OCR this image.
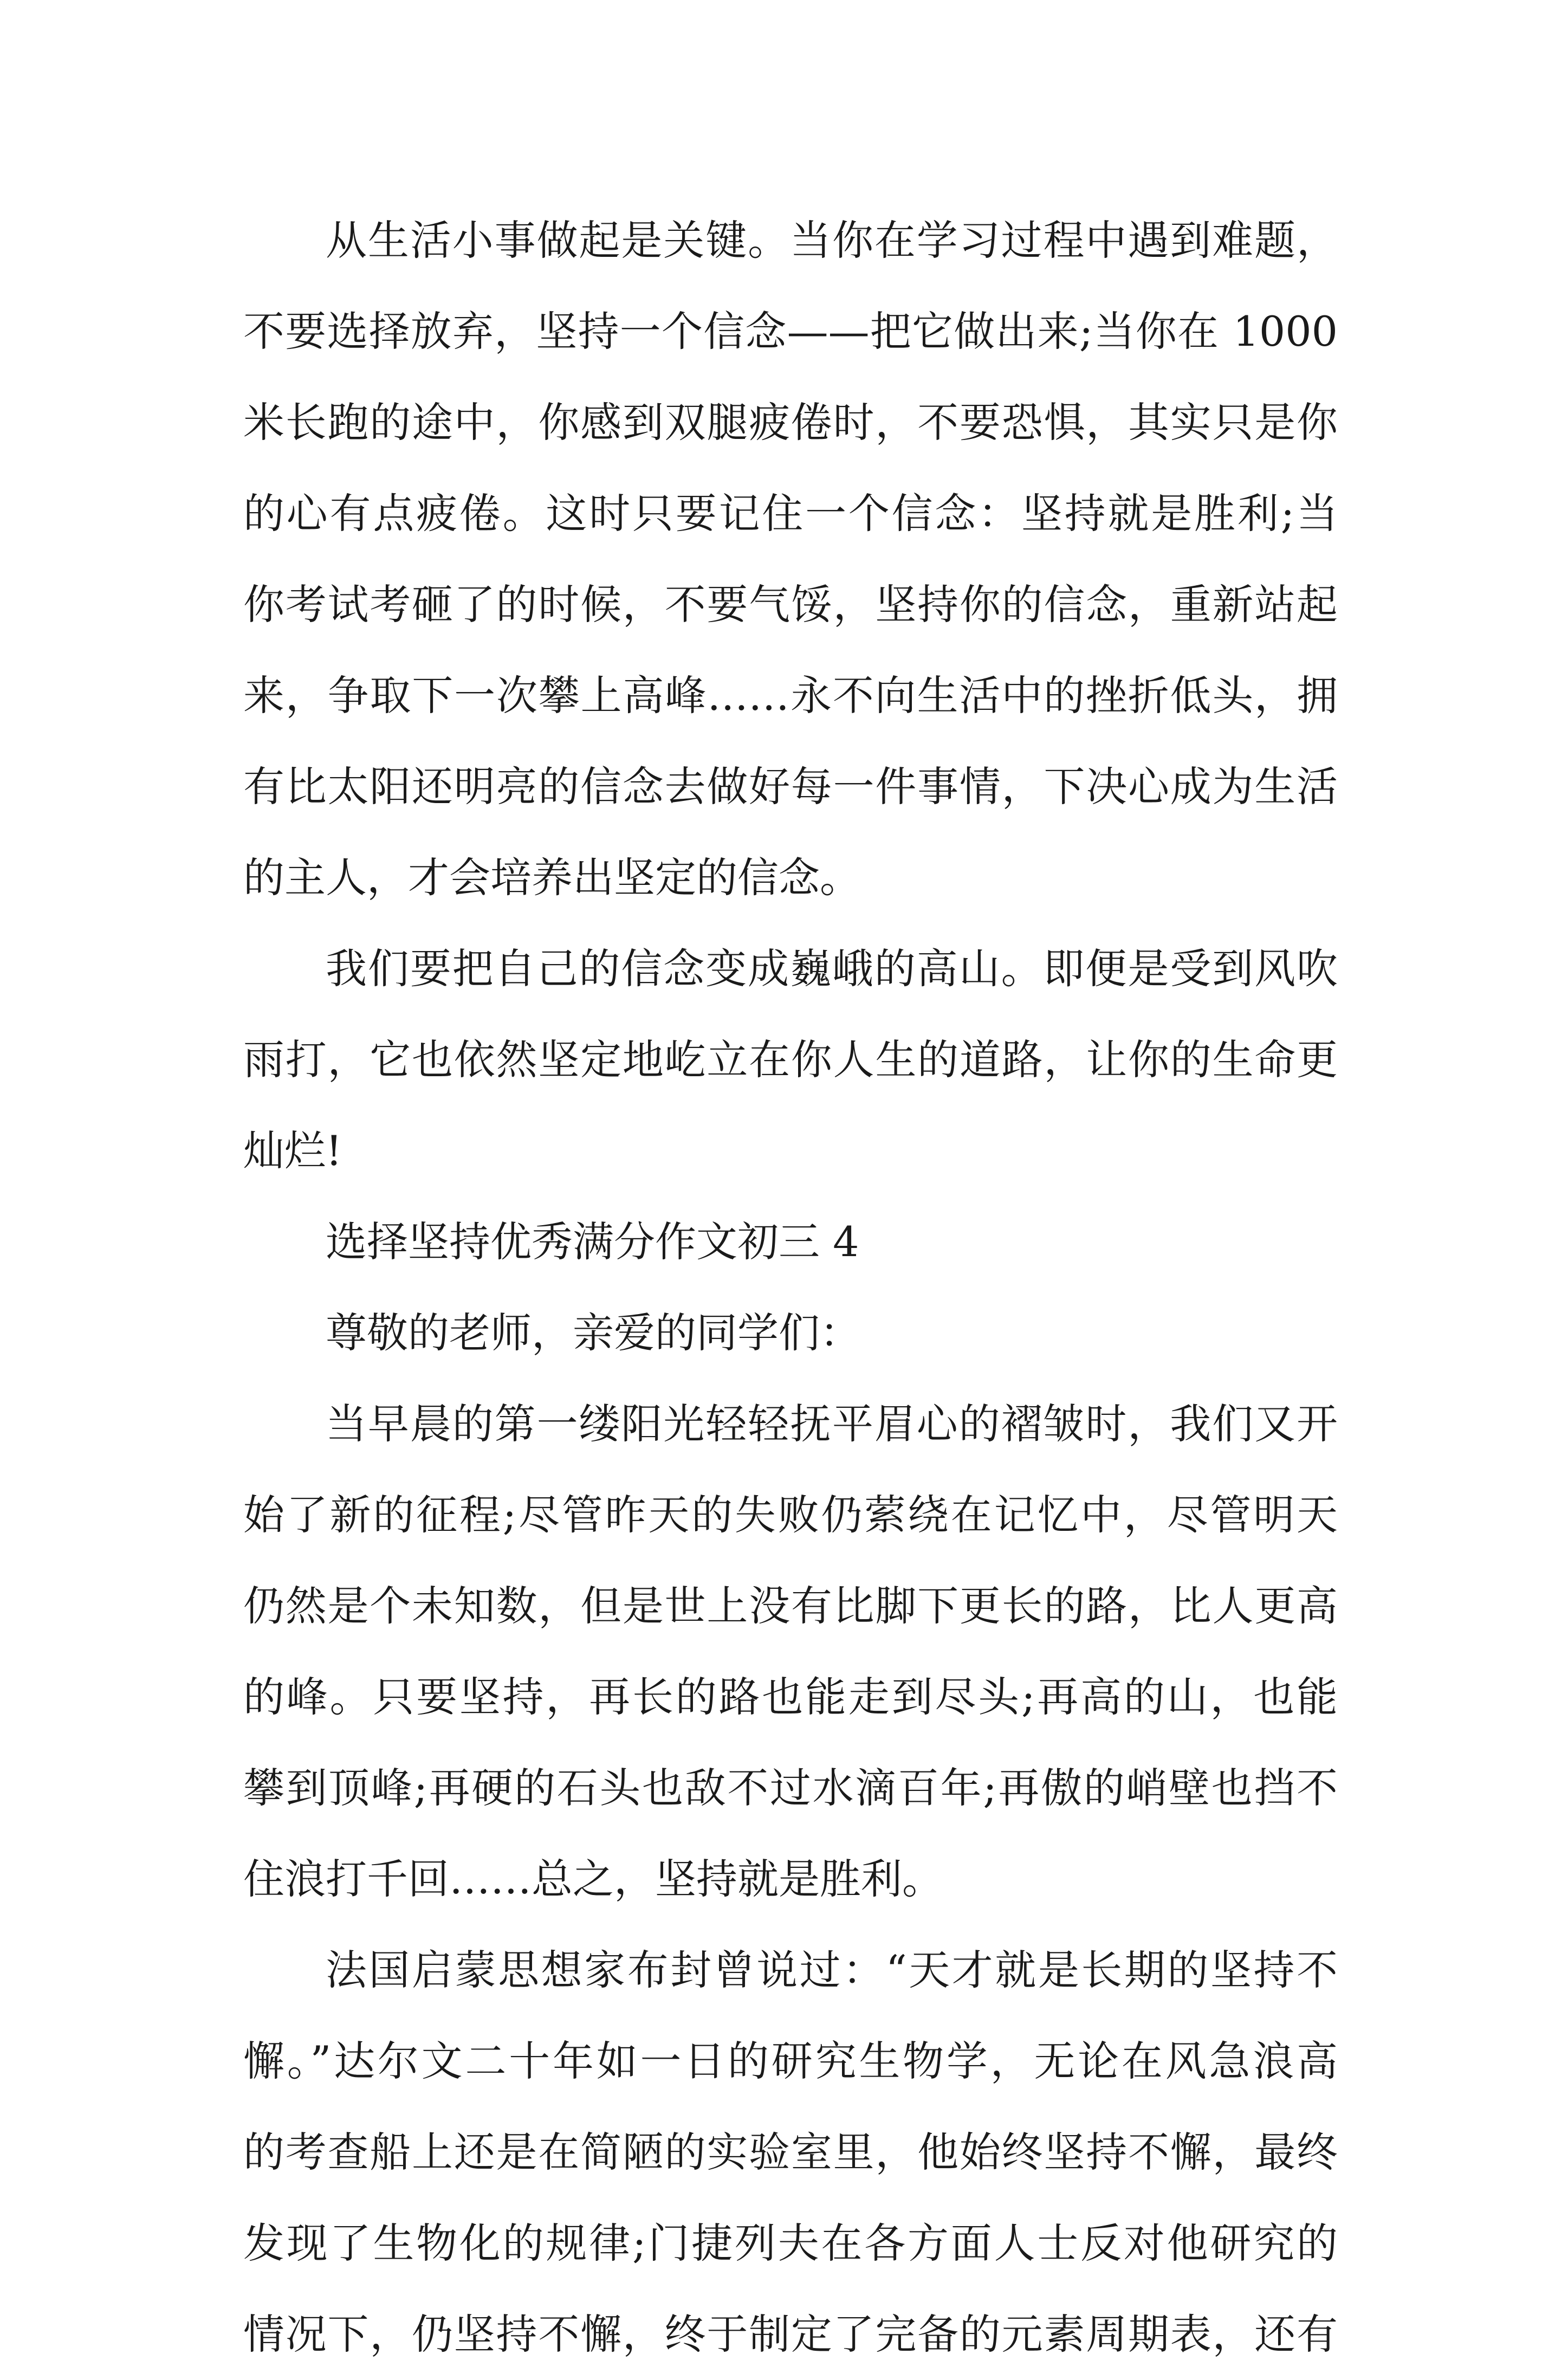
从生活小事做起是关键。当你在学习过程中遇到难题，
不要选择放弃，坚持一个信念——把它做出来;当你在 1000
米长跑的途中，你感到双腿疲倦时，不要恐惧，其实只是你
的心有点疲倦。这时只要记住一个信念：坚持就是胜利;当
你考试考砸了的时候，不要气馁，坚持你的信念，重新站起
来，争取下一次攀上高峰……永不向生活中的挫折低头，拥
有比太阳还明亮的信念去做好每一件事情，下决心成为生活
的主人，才会培养出坚定的信念。
我们要把自己的信念变成巍峨的高山。即便是受到风吹
雨打，它也依然坚定地屹立在你人生的道路，让你的生命更
灿烂!
选择坚持优秀满分作文初三 4
尊敬的老师，亲爱的同学们：
当早晨的第一缕阳光轻轻抚平眉心的褶皱时，我们又开
始了新的征程;尽管昨天的失败仍萦绕在记忆中，尽管明天
仍然是个未知数，但是世上没有比脚下更长的路，比人更高
的峰。只要坚持，再长的路也能走到尽头;再高的山，也能
攀到顶峰;再硬的石头也敌不过水滴百年;再傲的峭壁也挡不
住浪打千回……总之，坚持就是胜利。
法国启蒙思想家布封曾说过：“天才就是长期的坚持不
懈。”达尔文二十年如一日的研究生物学，无论在风急浪高
的考查船上还是在简陋的实验室里，他始终坚持不懈，最终
发现了生物化的规律;门捷列夫在各方面人士反对他研究的
情况下，仍坚持不懈，终于制定了完备的元素周期表，还有
